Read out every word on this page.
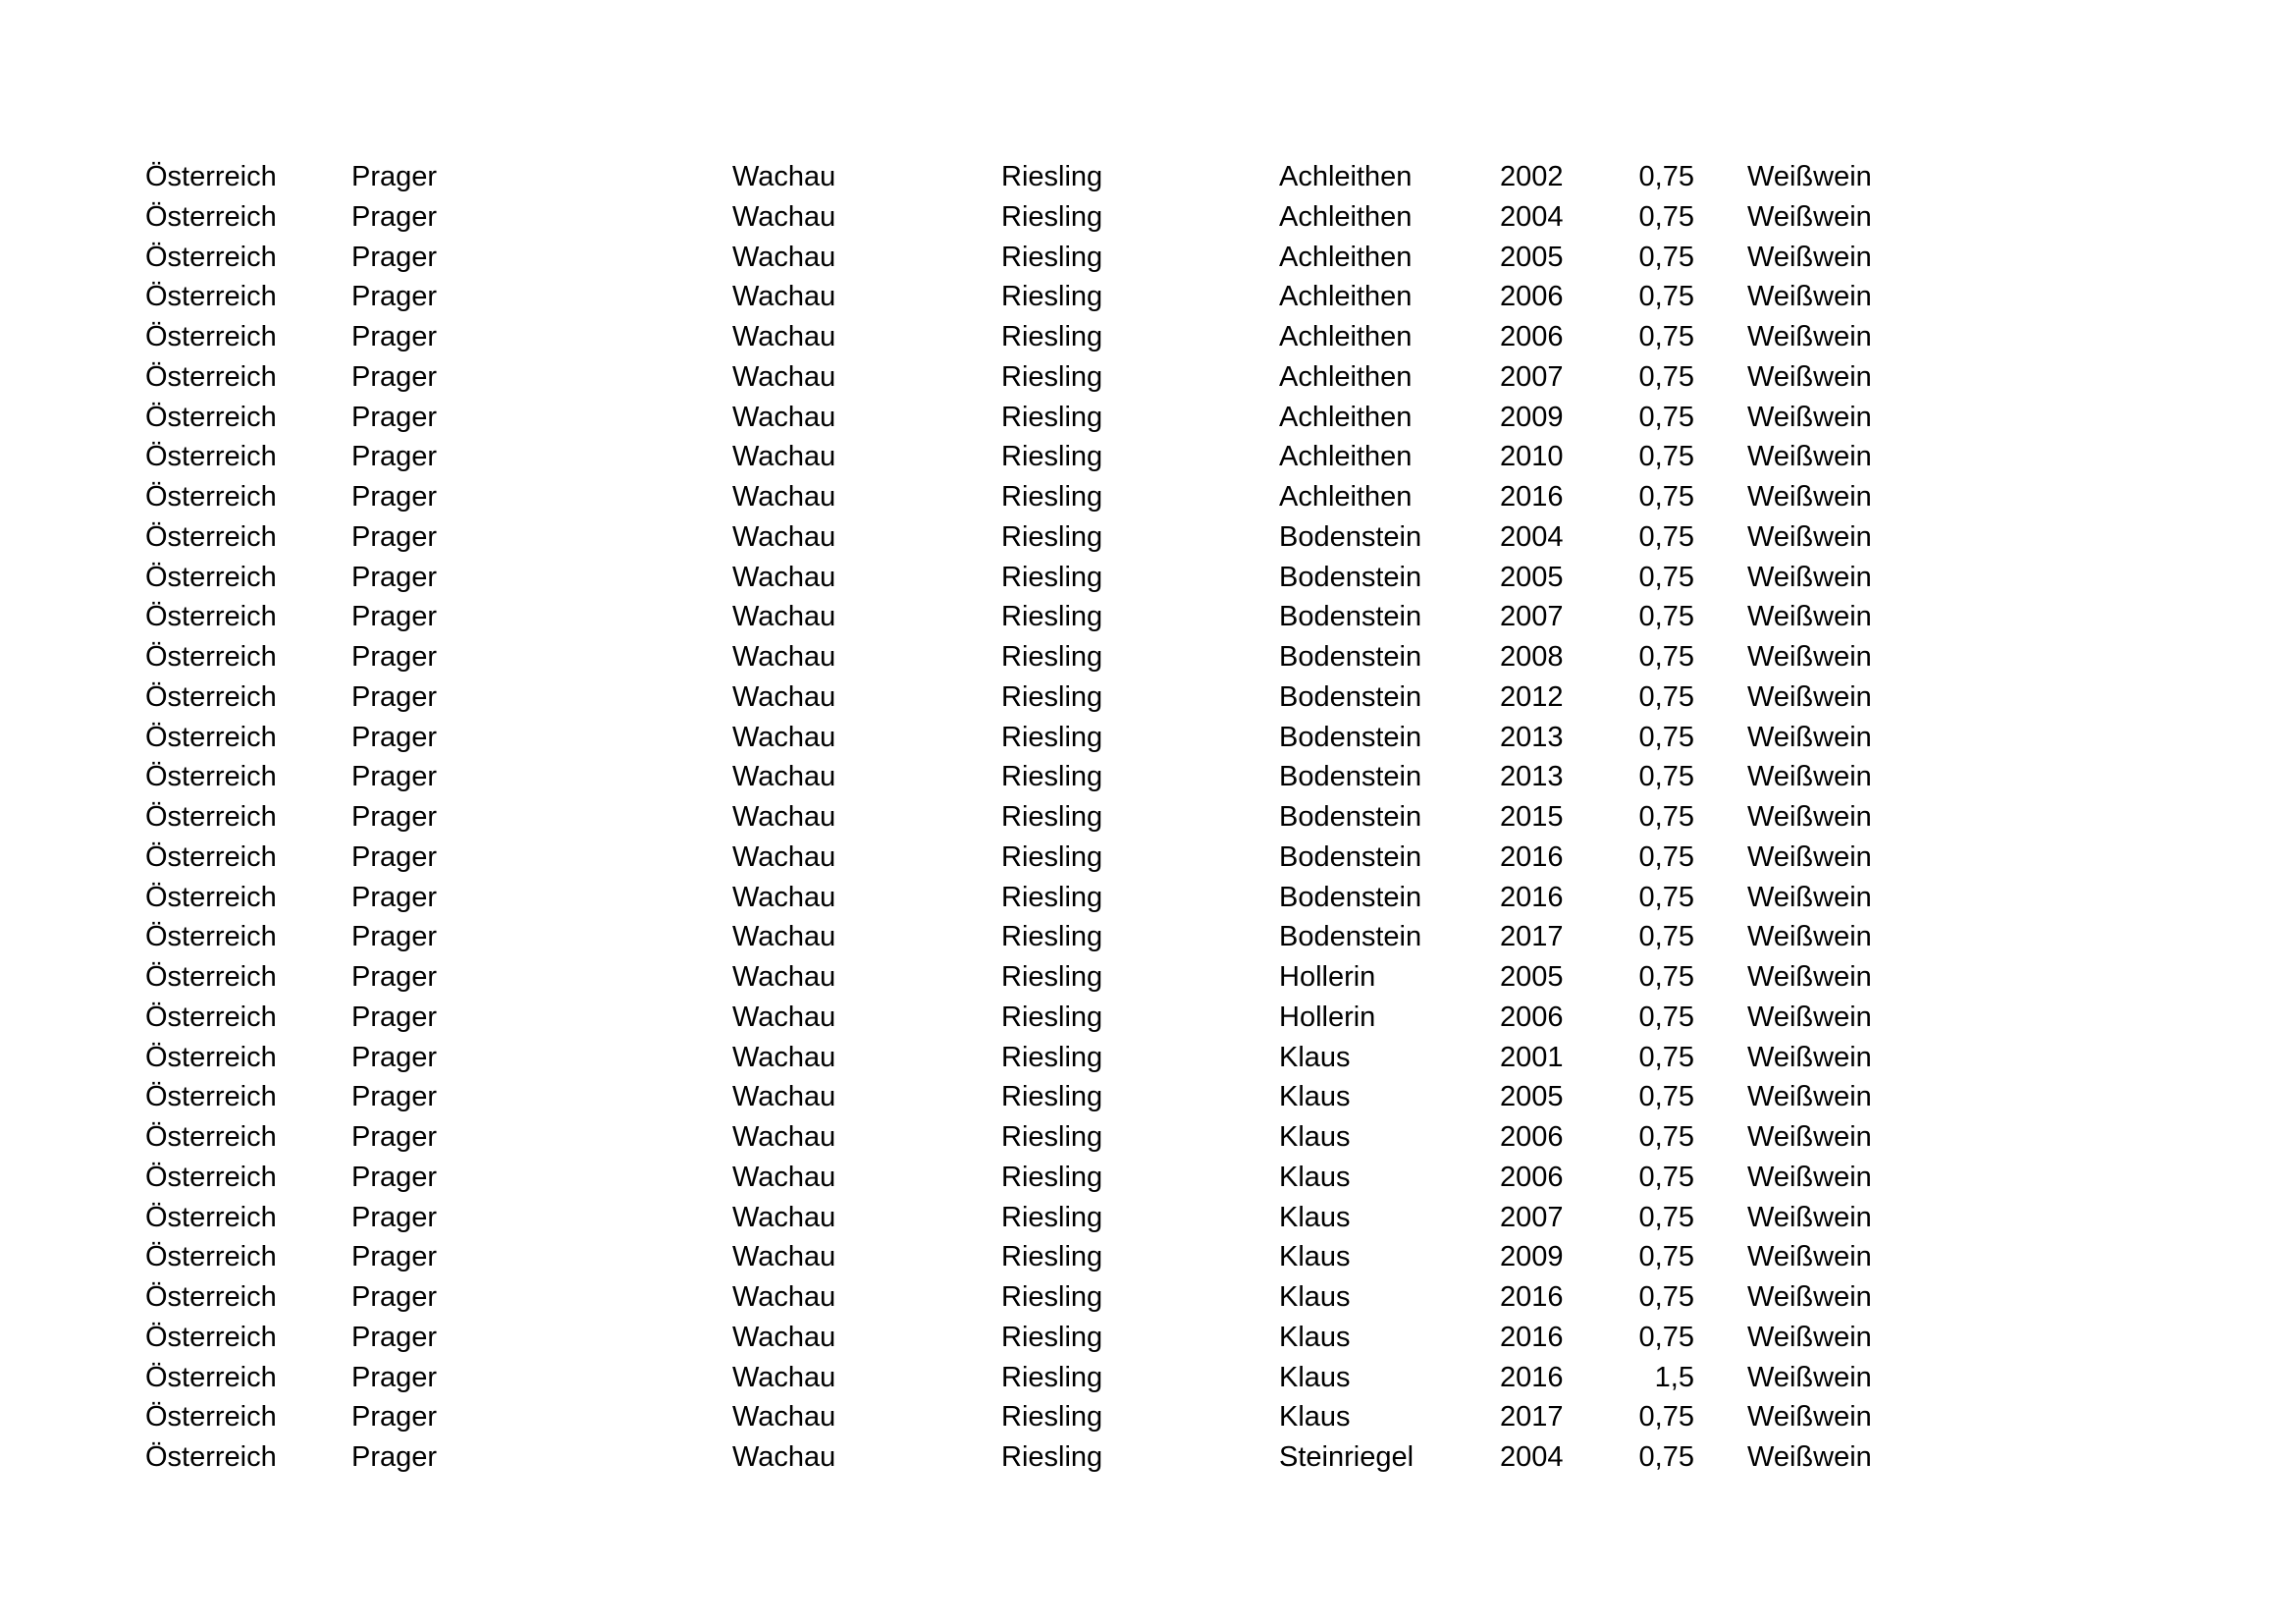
Österreich	Prager	Wachau	Riesling	Achleithen	2002	0,75 Weißwein
Österreich	Prager	Wachau	Riesling	Achleithen	2004	0,75 Weißwein
Österreich	Prager	Wachau	Riesling	Achleithen	2005	0,75 Weißwein
Österreich	Prager	Wachau	Riesling	Achleithen	2006	0,75 Weißwein
Österreich	Prager	Wachau	Riesling	Achleithen	2006	0,75 Weißwein
Österreich	Prager	Wachau	Riesling	Achleithen	2007	0,75 Weißwein
Österreich	Prager	Wachau	Riesling	Achleithen	2009	0,75 Weißwein
Österreich	Prager	Wachau	Riesling	Achleithen	2010	0,75 Weißwein
Österreich	Prager	Wachau	Riesling	Achleithen	2016	0,75 Weißwein
Österreich	Prager	Wachau	Riesling	Bodenstein	2004	0,75 Weißwein
Österreich	Prager	Wachau	Riesling	Bodenstein	2005	0,75 Weißwein
Österreich	Prager	Wachau	Riesling	Bodenstein	2007	0,75 Weißwein
Österreich	Prager	Wachau	Riesling	Bodenstein	2008	0,75 Weißwein
Österreich	Prager	Wachau	Riesling	Bodenstein	2012	0,75 Weißwein
Österreich	Prager	Wachau	Riesling	Bodenstein	2013	0,75 Weißwein
Österreich	Prager	Wachau	Riesling	Bodenstein	2013	0,75 Weißwein
Österreich	Prager	Wachau	Riesling	Bodenstein	2015	0,75 Weißwein
Österreich	Prager	Wachau	Riesling	Bodenstein	2016	0,75 Weißwein
Österreich	Prager	Wachau	Riesling	Bodenstein	2016	0,75 Weißwein
Österreich	Prager	Wachau	Riesling	Bodenstein	2017	0,75 Weißwein
Österreich	Prager	Wachau	Riesling	Hollerin	2005	0,75 Weißwein
Österreich	Prager	Wachau	Riesling	Hollerin	2006	0,75 Weißwein
Österreich	Prager	Wachau	Riesling	Klaus	2001	0,75 Weißwein
Österreich	Prager	Wachau	Riesling	Klaus	2005	0,75 Weißwein
Österreich	Prager	Wachau	Riesling	Klaus	2006	0,75 Weißwein
Österreich	Prager	Wachau	Riesling	Klaus	2006	0,75 Weißwein
Österreich	Prager	Wachau	Riesling	Klaus	2007	0,75 Weißwein
Österreich	Prager	Wachau	Riesling	Klaus	2009	0,75 Weißwein
Österreich	Prager	Wachau	Riesling	Klaus	2016	0,75 Weißwein
Österreich	Prager	Wachau	Riesling	Klaus	2016	0,75 Weißwein
Österreich	Prager	Wachau	Riesling	Klaus	2016	1,5 Weißwein
Österreich	Prager	Wachau	Riesling	Klaus	2017	0,75 Weißwein
Österreich	Prager	Wachau	Riesling	Steinriegel	2004	0,75 Weißwein
